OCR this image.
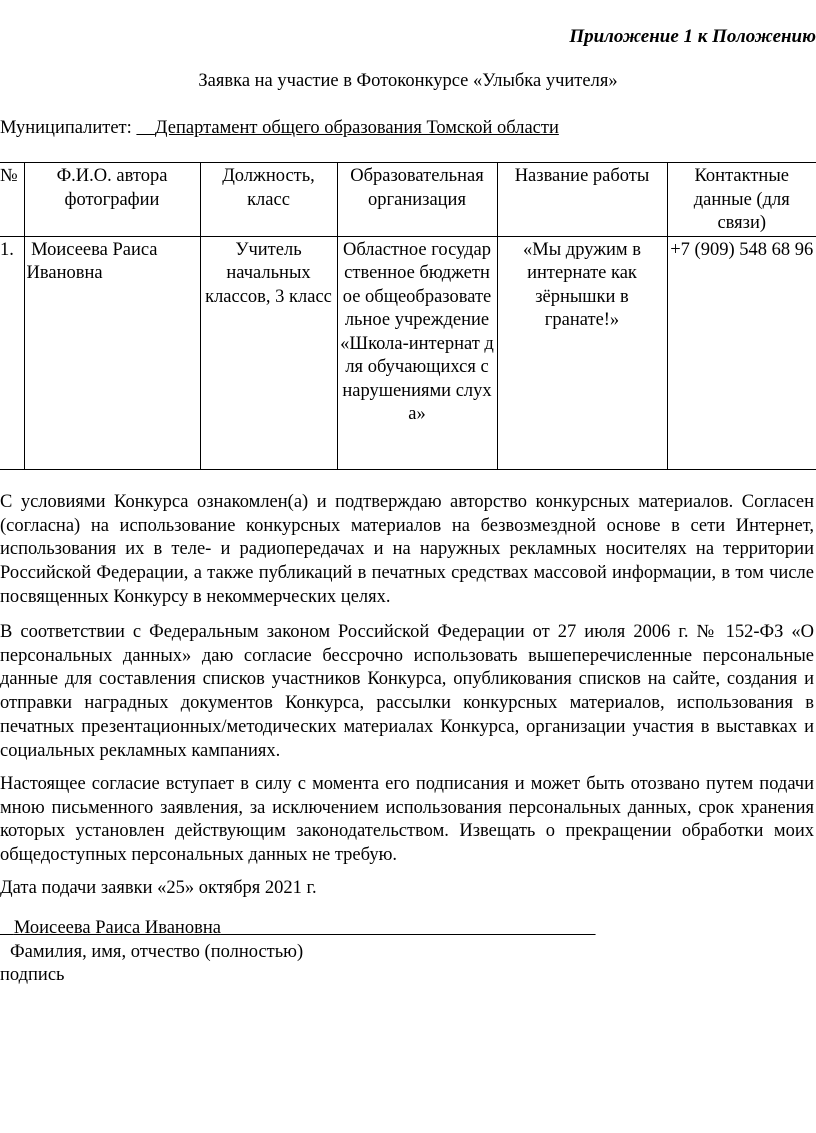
Приложение 1 к Положению
Заявка на участие в Фотоконкурсе «Улыбка учителя»
Муниципалитет: Департамент общего образования Томской области
№	Ф.И.О. автора фотографии	Должность, класс	Образовательная организация	Название работы	Контактные данные (для связи)
1.	Моисеева Раиса Ивановна	Учитель начальных классов, 3 класс	Областное государственное бюджетное общеобразовательное учреждение «Школа-интернат для обучающихся с нарушениями слуха»	«Мы дружим в интернате как зёрнышки в гранате!»	+7 (909) 548 68 96
С условиями Конкурса ознакомлен(а) и подтверждаю авторство конкурсных материалов. Согласен (согласна) на использование конкурсных материалов на безвозмездной основе в сети Интернет, использования их в теле- и радиопередачах и на наружных рекламных носителях на территории Российской Федерации, а также публикаций в печатных средствах массовой информации, в том числе посвященных Конкурсу в некоммерческих целях.
В соответствии с Федеральным законом Российской Федерации от 27 июля 2006 г. № 152-ФЗ «О персональных данных» даю согласие бессрочно использовать вышеперечисленные персональные данные для составления списков участников Конкурса, опубликования списков на сайте, создания и отправки наградных документов Конкурса, рассылки конкурсных материалов, использования в печатных презентационных/методических материалах Конкурса, организации участия в выставках и социальных рекламных кампаниях.
Настоящее согласие вступает в силу с момента его подписания и может быть отозвано путем подачи мною письменного заявления, за исключением использования персональных данных, срок хранения которых установлен действующим законодательством. Извещать о прекращении обработки моих общедоступных персональных данных не требую.
Дата подачи заявки «25» октября 2021 г.
Моисеева Раиса Ивановна
Фамилия, имя, отчество (полностью)
подпись
